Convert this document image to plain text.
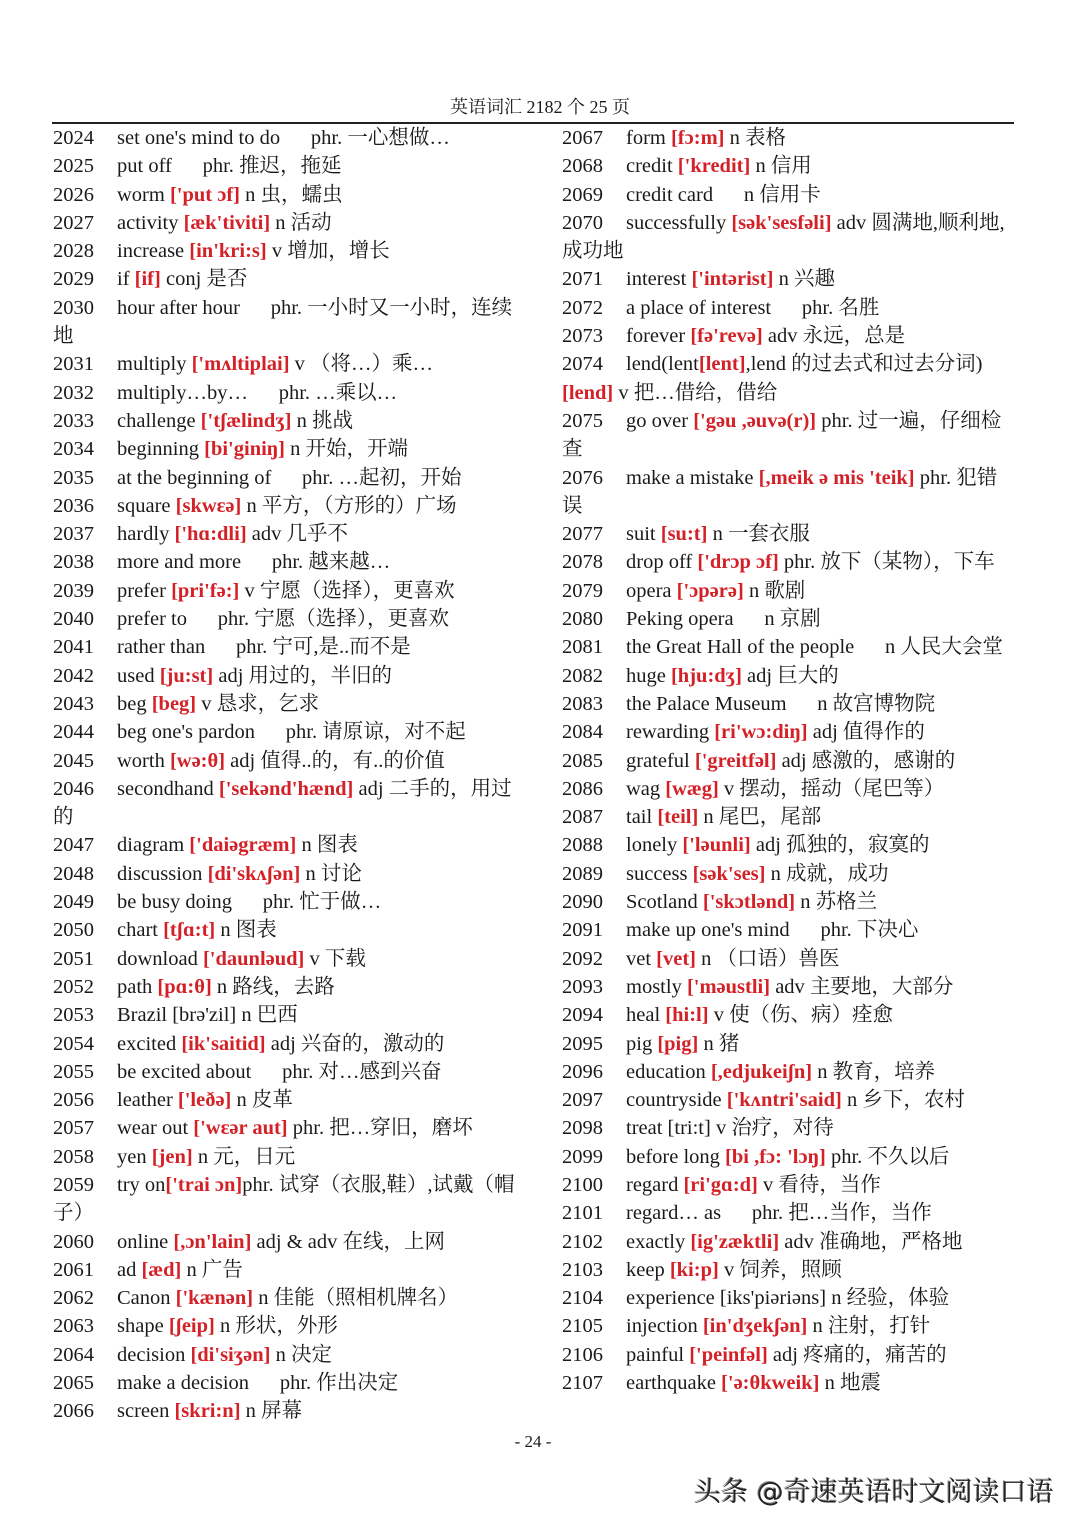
英语词汇 2182 个 25 页
2024 set one's mind to do phr. 一心想做…
2025 put off phr. 推迟，拖延
2026 worm ['put ɔf] n 虫，蠕虫
2027 activity [æk'tiviti] n 活动
2028 increase [in'kri:s] v 增加，增长
2029 if [if] conj 是否
2030 hour after hour phr. 一小时又一小时，连续地
2031 multiply ['mʌltiplai] v （将…）乘…
2032 multiply…by… phr. …乘以…
2033 challenge ['tʃælindʒ] n 挑战
2034 beginning [bi'giniŋ] n 开始，开端
2035 at the beginning of phr. …起初，开始
2036 square [skwɛə] n 平方，（方形的）广场
2037 hardly ['hɑ:dli] adv 几乎不
2038 more and more phr. 越来越…
2039 prefer [pri'fə:] v 宁愿（选择），更喜欢
2040 prefer to phr. 宁愿（选择），更喜欢
2041 rather than phr. 宁可,是..而不是
2042 used [ju:st] adj 用过的，半旧的
2043 beg [beg] v 恳求，乞求
2044 beg one's pardon phr. 请原谅，对不起
2045 worth [wə:θ] adj 值得..的，有..的价值
2046 secondhand ['sekənd'hænd] adj 二手的，用过的
2047 diagram ['daiəgræm] n 图表
2048 discussion [di'skʌʃən] n 讨论
2049 be busy doing phr. 忙于做…
2050 chart [tʃɑ:t] n 图表
2051 download ['daunləud] v 下载
2052 path [pɑ:θ] n 路线，去路
2053 Brazil [brə'zil] n 巴西
2054 excited [ik'saitid] adj 兴奋的，激动的
2055 be excited about phr. 对…感到兴奋
2056 leather ['leðə] n 皮革
2057 wear out ['wɛər aut] phr. 把…穿旧，磨坏
2058 yen [jen] n 元，日元
2059 try on['trai ɔn]phr. 试穿（衣服,鞋）,试戴（帽子）
2060 online [,ɔn'lain] adj & adv 在线，上网
2061 ad [æd] n 广告
2062 Canon ['kænən] n 佳能（照相机牌名）
2063 shape [ʃeip] n 形状，外形
2064 decision [di'siʒən] n 决定
2065 make a decision phr. 作出决定
2066 screen [skri:n] n 屏幕
2067 form [fɔ:m] n 表格
2068 credit ['kredit] n 信用
2069 credit card n 信用卡
2070 successfully [sək'sesfəli] adv 圆满地,顺利地,成功地
2071 interest ['intərist] n 兴趣
2072 a place of interest phr. 名胜
2073 forever [fə'revə] adv 永远，总是
2074 lend(lent[lent],lend 的过去式和过去分词) [lend] v 把…借给，借给
2075 go over ['gəu ,əuvə(r)] phr. 过一遍，仔细检查
2076 make a mistake [,meik ə mis 'teik] phr. 犯错误
2077 suit [su:t] n 一套衣服
2078 drop off ['drɔp ɔf] phr. 放下（某物），下车
2079 opera ['ɔpərə] n 歌剧
2080 Peking opera n 京剧
2081 the Great Hall of the people n 人民大会堂
2082 huge [hju:dʒ] adj 巨大的
2083 the Palace Museum n 故宫博物院
2084 rewarding [ri'wɔ:diŋ] adj 值得作的
2085 grateful ['greitfəl] adj 感激的，感谢的
2086 wag [wæg] v 摆动，摇动（尾巴等）
2087 tail [teil] n 尾巴，尾部
2088 lonely ['ləunli] adj 孤独的，寂寞的
2089 success [sək'ses] n 成就，成功
2090 Scotland ['skɔtlənd] n 苏格兰
2091 make up one's mind phr. 下决心
2092 vet [vet] n （口语）兽医
2093 mostly ['məustli] adv 主要地，大部分
2094 heal [hi:l] v 使（伤、病）痊愈
2095 pig [pig] n 猪
2096 education [,edjukeiʃn] n 教育，培养
2097 countryside ['kʌntri'said] n 乡下，农村
2098 treat [tri:t] v 治疗，对待
2099 before long [bi ,fɔ: 'lɔŋ] phr. 不久以后
2100 regard [ri'gɑ:d] v 看待，当作
2101 regard… as phr. 把…当作，当作
2102 exactly [ig'zæktli] adv 准确地，严格地
2103 keep [ki:p] v 饲养，照顾
2104 experience [iks'piəriəns] n 经验，体验
2105 injection [in'dʒekʃən] n 注射，打针
2106 painful ['peinfəl] adj 疼痛的，痛苦的
2107 earthquake ['ə:θkweik] n 地震
- 24 -
头条 @奇速英语时文阅读口语
